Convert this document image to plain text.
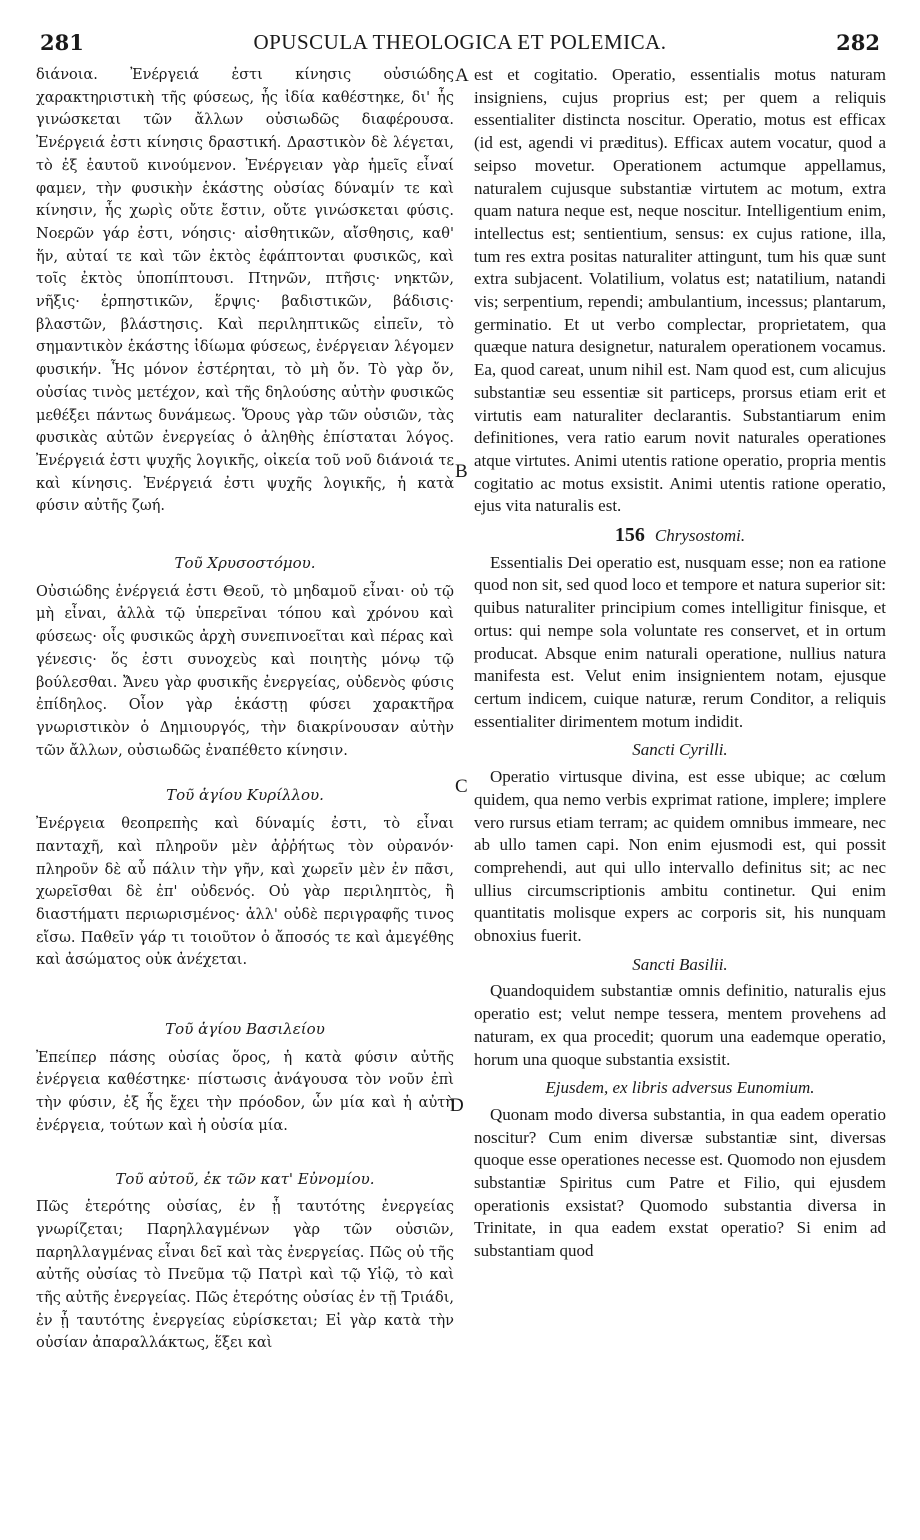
281	OPUSCULA THEOLOGICA ET POLEMICA.	282
A
B
C
D

διάνοια. Ἐνέργειά ἐστι κίνησις οὐσιώδης χαρακτηριστικὴ τῆς φύσεως, ἧς ἰδία καθέστηκε, δι' ἧς γινώσκεται τῶν ἄλλων οὐσιωδῶς διαφέρουσα. Ἐνέργειά ἐστι κίνησις δραστική. Δραστικὸν δὲ λέγεται, τὸ ἐξ ἑαυτοῦ κινούμενον. Ἐνέργειαν γὰρ ἡμεῖς εἶναί φαμεν, τὴν φυσικὴν ἑκάστης οὐσίας δύναμίν τε καὶ κίνησιν, ἧς χωρὶς οὔτε ἔστιν, οὔτε γινώσκεται φύσις. Νοερῶν γάρ ἐστι, νόησις· αἰσθητικῶν, αἴσθησις, καθ' ἥν, αὐταί τε καὶ τῶν ἐκτὸς ἐφάπτονται φυσικῶς, καὶ τοῖς ἐκτὸς ὑποπίπτουσι. Πτηνῶν, πτῆσις· νηκτῶν, νῆξις· ἑρπηστικῶν, ἕρψις· βαδιστικῶν, βάδισις· βλαστῶν, βλάστησις. Καὶ περιληπτικῶς εἰπεῖν, τὸ σημαντικὸν ἑκάστης ἰδίωμα φύσεως, ἐνέργειαν λέγομεν φυσικήν. Ἧς μόνον ἐστέρηται, τὸ μὴ ὄν. Τὸ γὰρ ὄν, οὐσίας τινὸς μετέχον, καὶ τῆς δηλούσης αὐτὴν φυσικῶς μεθέξει πάντως δυνάμεως. Ὅρους γὰρ τῶν οὐσιῶν, τὰς φυσικὰς αὐτῶν ἐνεργείας ὁ ἀληθὴς ἐπίσταται λόγος. Ἐνέργειά ἐστι ψυχῆς λογικῆς, οἰκεία τοῦ νοῦ διάνοιά τε καὶ κίνησις. Ἐνέργειά ἐστι ψυχῆς λογικῆς, ἡ κατὰ φύσιν αὐτῆς ζωή.

Τοῦ Χρυσοστόμου.

Οὐσιώδης ἐνέργειά ἐστι Θεοῦ, τὸ μηδαμοῦ εἶναι· οὐ τῷ μὴ εἶναι, ἀλλὰ τῷ ὑπερεῖναι τόπου καὶ χρόνου καὶ φύσεως· οἷς φυσικῶς ἀρχὴ συνεπινοεῖται καὶ πέρας καὶ γένεσις· ὅς ἐστι συνοχεὺς καὶ ποιητὴς μόνῳ τῷ βούλεσθαι. Ἄνευ γὰρ φυσικῆς ἐνεργείας, οὐδενὸς φύσις ἐπίδηλος. Οἷον γὰρ ἑκάστῃ φύσει χαρακτῆρα γνωριστικὸν ὁ Δημιουργός, τὴν διακρίνουσαν αὐτὴν τῶν ἄλλων, οὐσιωδῶς ἐναπέθετο κίνησιν.

Τοῦ ἁγίου Κυρίλλου.

Ἐνέργεια θεοπρεπὴς καὶ δύναμίς ἐστι, τὸ εἶναι πανταχῆ, καὶ πληροῦν μὲν ἀῤῥήτως τὸν οὐρανόν· πληροῦν δὲ αὖ πάλιν τὴν γῆν, καὶ χωρεῖν μὲν ἐν πᾶσι, χωρεῖσθαι δὲ ἐπ' οὐδενός. Οὐ γὰρ περιληπτὸς, ἢ διαστήματι περιωρισμένος· ἀλλ' οὐδὲ περιγραφῆς τινος εἴσω. Παθεῖν γάρ τι τοιοῦτον ὁ ἄποσός τε καὶ ἀμεγέθης καὶ ἀσώματος οὐκ ἀνέχεται.

Τοῦ ἁγίου Βασιλείου

Ἐπείπερ πάσης οὐσίας ὅρος, ἡ κατὰ φύσιν αὐτῆς ἐνέργεια καθέστηκε· πίστωσις ἀνάγουσα τὸν νοῦν ἐπὶ τὴν φύσιν, ἐξ ἧς ἔχει τὴν πρόοδον, ὧν μία καὶ ἡ αὐτὴ ἐνέργεια, τούτων καὶ ἡ οὐσία μία.

Τοῦ αὐτοῦ, ἐκ τῶν κατ' Εὐνομίου.

Πῶς ἑτερότης οὐσίας, ἐν ᾗ ταυτότης ἐνεργείας γνωρίζεται; Παρηλλαγμένων γὰρ τῶν οὐσιῶν, παρηλλαγμένας εἶναι δεῖ καὶ τὰς ἐνεργείας. Πῶς οὐ τῆς αὐτῆς οὐσίας τὸ Πνεῦμα τῷ Πατρὶ καὶ τῷ Υἱῷ, τὸ καὶ τῆς αὐτῆς ἐνεργείας. Πῶς ἑτερότης οὐσίας ἐν τῇ Τριάδι, ἐν ᾗ ταυτότης ἐνεργείας εὑρίσκεται; Εἰ γὰρ κατὰ τὴν οὐσίαν ἀπαραλλάκτως, ἕξει καὶ

est et cogitatio. Operatio, essentialis motus naturam insigniens, cujus proprius est; per quem a reliquis essentialiter distincta noscitur. Operatio, motus est efficax (id est, agendi vi præditus). Efficax autem vocatur, quod a seipso movetur. Operationem actumque appellamus, naturalem cujusque substantiæ virtutem ac motum, extra quam natura neque est, neque noscitur. Intelligentium enim, intellectus est; sentientium, sensus: ex cujus ratione, illa, tum res extra positas naturaliter attingunt, tum his quæ sunt extra subjacent. Volatilium, volatus est; natatilium, natandi vis; serpentium, rependi; ambulantium, incessus; plantarum, germinatio. Et ut verbo complectar, proprietatem, qua quæque natura designetur, naturalem operationem vocamus. Ea, quod careat, unum nihil est. Nam quod est, cum alicujus substantiæ seu essentiæ sit particeps, prorsus etiam erit et virtutis eam naturaliter declarantis. Substantiarum enim definitiones, vera ratio earum novit naturales operationes atque virtutes. Animi utentis ratione operatio, propria mentis cogitatio ac motus exsistit. Animi utentis ratione operatio, ejus vita naturalis est.

156 Chrysostomi.

Essentialis Dei operatio est, nusquam esse; non ea ratione quod non sit, sed quod loco et tempore et natura superior sit: quibus naturaliter principium comes intelligitur finisque, et ortus: qui nempe sola voluntate res conservet, et in ortum producat. Absque enim naturali operatione, nullius natura manifesta est. Velut enim insignientem notam, ejusque certum indicem, cuique naturæ, rerum Conditor, a reliquis essentialiter dirimentem motum indidit.

Sancti Cyrilli.

Operatio virtusque divina, est esse ubique; ac cœlum quidem, qua nemo verbis exprimat ratione, implere; implere vero rursus etiam terram; ac quidem omnibus immeare, nec ab ullo tamen capi. Non enim ejusmodi est, qui possit comprehendi, aut qui ullo intervallo definitus sit; ac nec ullius circumscriptionis ambitu continetur. Qui enim quantitatis molisque expers ac corporis sit, his nunquam obnoxius fuerit.

Sancti Basilii.

Quandoquidem substantiæ omnis definitio, naturalis ejus operatio est; velut nempe tessera, mentem provehens ad naturam, ex qua procedit; quorum una eademque operatio, horum una quoque substantia exsistit.

Ejusdem, ex libris adversus Eunomium.

Quonam modo diversa substantia, in qua eadem operatio noscitur? Cum enim diversæ substantiæ sint, diversas quoque esse operationes necesse est. Quomodo non ejusdem substantiæ Spiritus cum Patre et Filio, qui ejusdem operationis exsistat? Quomodo substantia diversa in Trinitate, in qua eadem exstat operatio? Si enim ad substantiam quod
